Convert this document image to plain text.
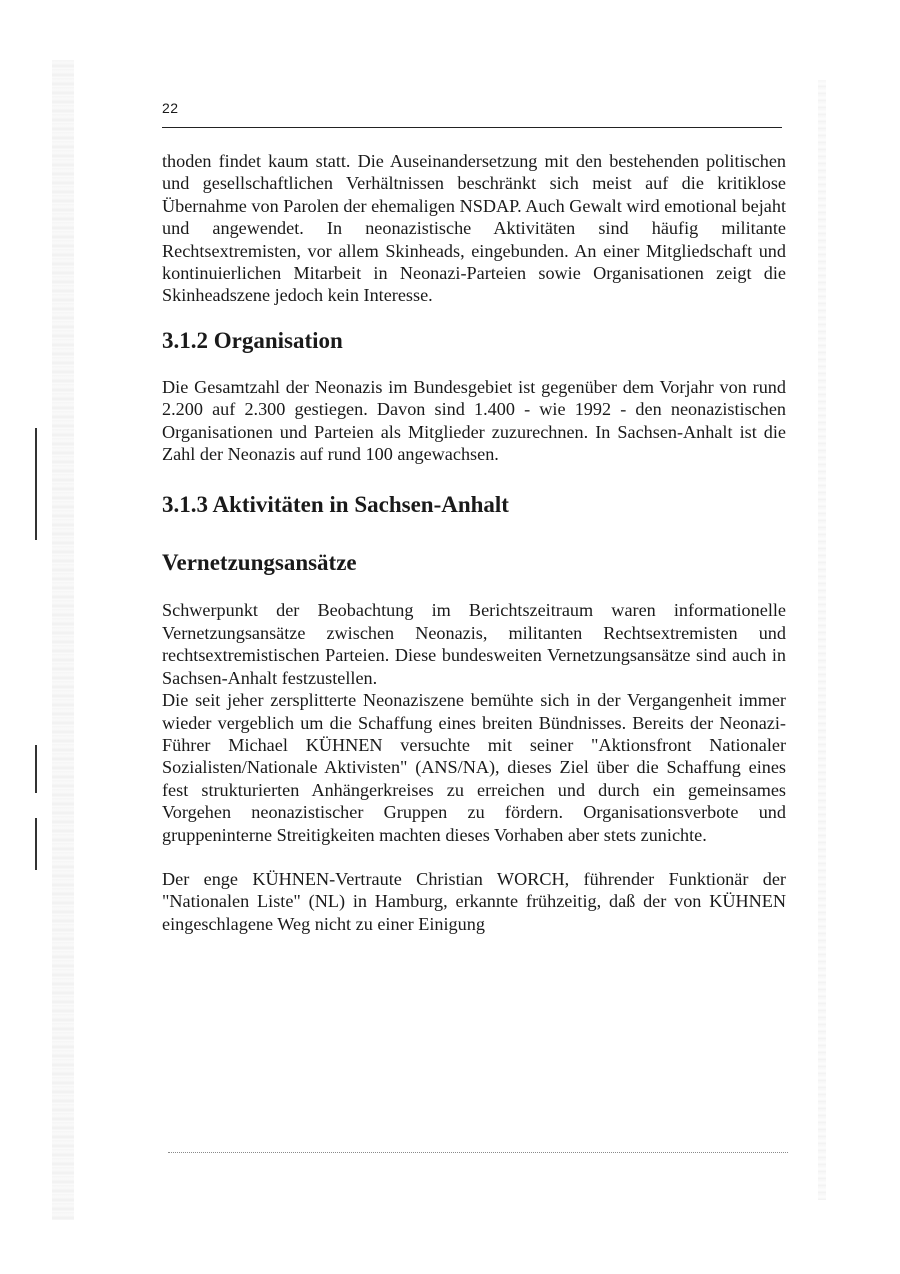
22

thoden findet kaum statt. Die Auseinandersetzung mit den bestehenden politischen und gesellschaftlichen Verhältnissen beschränkt sich meist auf die kritiklose Übernahme von Parolen der ehemaligen NSDAP. Auch Gewalt wird emotional bejaht und angewendet. In neonazistische Aktivitäten sind häufig militante Rechtsextremisten, vor allem Skinheads, eingebunden. An einer Mitgliedschaft und kontinuierlichen Mitarbeit in Neonazi-Parteien sowie Organisationen zeigt die Skinheadszene jedoch kein Interesse.

3.1.2 Organisation

Die Gesamtzahl der Neonazis im Bundesgebiet ist gegenüber dem Vorjahr von rund 2.200 auf 2.300 gestiegen. Davon sind 1.400 - wie 1992 - den neonazistischen Organisationen und Parteien als Mitglieder zuzurechnen. In Sachsen-Anhalt ist die Zahl der Neonazis auf rund 100 angewachsen.

3.1.3 Aktivitäten in Sachsen-Anhalt
Vernetzungsansätze

Schwerpunkt der Beobachtung im Berichtszeitraum waren informationelle Vernetzungsansätze zwischen Neonazis, militanten Rechtsextremisten und rechtsextremistischen Parteien. Diese bundesweiten Vernetzungsansätze sind auch in Sachsen-Anhalt festzustellen.

Die seit jeher zersplitterte Neonaziszene bemühte sich in der Vergangenheit immer wieder vergeblich um die Schaffung eines breiten Bündnisses. Bereits der Neonazi-Führer Michael KÜHNEN versuchte mit seiner "Aktionsfront Nationaler Sozialisten/Nationale Aktivisten" (ANS/NA), dieses Ziel über die Schaffung eines fest strukturierten Anhängerkreises zu erreichen und durch ein gemeinsames Vorgehen neonazistischer Gruppen zu fördern. Organisationsverbote und gruppeninterne Streitigkeiten machten dieses Vorhaben aber stets zunichte.

Der enge KÜHNEN-Vertraute Christian WORCH, führender Funktionär der "Nationalen Liste" (NL) in Hamburg, erkannte frühzeitig, daß der von KÜHNEN eingeschlagene Weg nicht zu einer Einigung
